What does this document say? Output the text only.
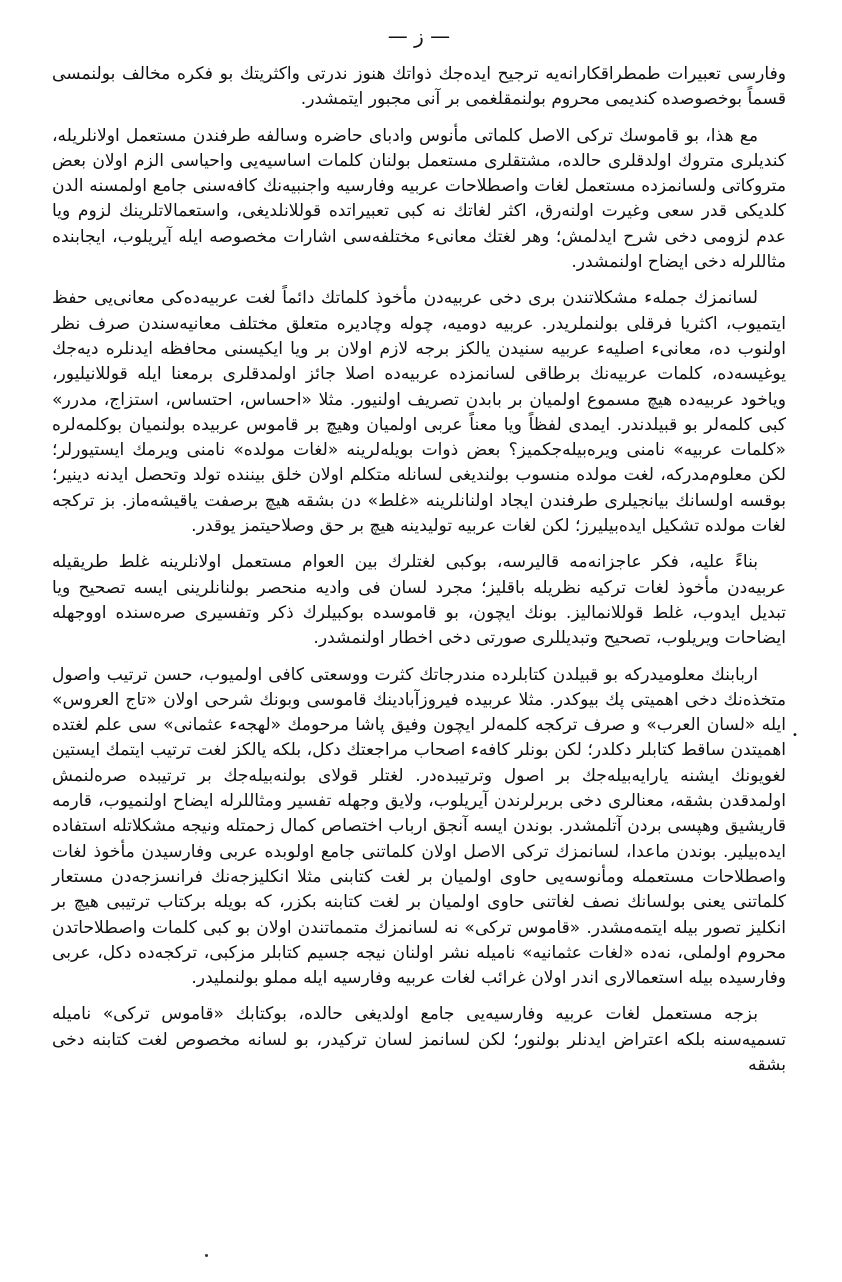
— ز —

وفارسی تعبیرات طمطراقکارانه‌یه ترجیح ایده‌جك ذواتك هنوز ندرتی واکثریتك بو فکره مخالف بولنمسی قسماً بوخصوصده کندیمی محروم بولنمقلغمی بر آنی مجبور ایتمشدر.

مع هذا، بو قاموسك ترکی الاصل کلماتی مأنوس وادبای حاضره وسالفه طرفندن مستعمل اولانلریله، کندیلری متروك اولدقلری حالده، مشتقلری مستعمل بولنان کلمات اساسیه‌یی واحیاسی الزم اولان بعض متروکاتی ولسانمزده مستعمل لغات واصطلاحات عربیه وفارسیه واجنبیه‌نك کافه‌سنی جامع اولمسنه الدن کلدیکی قدر سعی وغیرت اولنه‌رق، اکثر لغاتك نه کبی تعبیراتده قوللانلدیغی، واستعمالاتلرینك لزوم ویا عدم لزومی دخی شرح ایدلمش؛ وهر لغتك معانیء مختلفه‌سی اشارات مخصوصه ایله آیریلوب، ایجابنده مثاللرله دخی ایضاح اولنمشدر.

لسانمزك جمله‌ء مشکلاتندن بری دخی عربیه‌دن مأخوذ کلماتك دائماً لغت عربیه‌ده‌کی معانی‌یی حفظ ایتمیوب، اکثریا فرقلی بولنملریدر. عربیه دومیه، چوله وچادیره متعلق مختلف معانیه‌سندن صرف نظر اولنوب ده، معانیء اصلیهء عربیه سنیدن یالکز برجه لازم اولان بر ویا ایکیسنی محافظه ایدنلره دیه‌جك یوغیسه‌ده، کلمات عربیه‌نك برطاقی لسانمزده عربیه‌ده اصلا جائز اولمدقلری برمعنا ایله قوللانیلیور، ویاخود عربیه‌ده هیچ مسموع اولمیان بر بابدن تصریف اولنیور. مثلا «احساس، احتساس، استزاج، مدرر» کبی کلمه‌لر بو قبیلدندر. ایمدی لفظاً ویا معناً عربی اولمیان وهیچ بر قاموس عربیده بولنمیان بوکلمه‌لره «کلمات عربیه» نامنی ویره‌بیله‌جکمیز؟ بعض ذوات بویله‌لرینه «لغات مولده» نامنی ویرمك ایستیورلر؛ لکن معلوم‌مدرکه، لغت مولده منسوب بولندیغی لسانله متکلم اولان خلق بیننده تولد وتحصل ایدنه دینیر؛ بوقسه اولسانك بیانجیلری طرفندن ایجاد اولنانلرینه «غلط» دن بشقه هیچ برصفت یاقیشه‌ماز. بز ترکجه لغات مولده تشکیل ایده‌بیلیرز؛ لکن لغات عربیه تولیدینه هیچ بر حق وصلاحیتمز یوقدر.

بناءً علیه، فکر عاجزانه‌مه قالیرسه، بوکبی لغتلرك بین العوام مستعمل اولانلرینه غلط طریقیله عربیه‌دن مأخوذ لغات ترکیه نظریله باقلیز؛ مجرد لسان فی وادیه منحصر بولنانلرینی ایسه تصحیح ویا تبدیل ایدوب، غلط قوللانمالیز. بونك ایچون، بو قاموسده بوکبیلرك ذکر وتفسیری صره‌سنده اووجهله ایضاحات ویریلوب، تصحیح وتبدیللری صورتی دخی اخطار اولنمشدر.

اربابنك معلومیدرکه بو قبیلدن کتابلرده مندرجاتك کثرت ووسعتی کافی اولمیوب، حسن ترتیب واصول متخذه‌نك دخی اهمیتی پك بیوکدر. مثلا عربیده فیروزآبادینك قاموسی وبونك شرحی اولان «تاج العروس» ایله «لسان العرب» و صرف ترکجه کلمه‌لر ایچون وفیق پاشا مرحومك «لهجهء عثمانی» سی علم لغتده اهمیتدن ساقط کتابلر دکلدر؛ لکن بونلر کافهء اصحاب مراجعتك دکل، بلکه یالکز لغت ترتیب ایتمك ایستین لغویونك ایشنه یارایه‌بیله‌جك بر اصول وترتیبده‌در. لغتلر قولای بولنه‌بیله‌جك بر ترتیبده صره‌لنمش اولمدقدن بشقه، معنالری دخی بربرلرندن آیریلوب، ولایق وجهله تفسیر ومثاللرله ایضاح اولنمیوب، قارمه قاریشیق وهپسی بردن آتلمشدر. بوندن ایسه آنجق ارباب اختصاص کمال زحمتله ونیجه مشکلاتله استفاده ایده‌بیلیر. بوندن ماعدا، لسانمزك ترکی الاصل اولان کلماتنی جامع اولوبده عربی وفارسیدن مأخوذ لغات واصطلاحات مستعمله ومأنوسه‌یی حاوی اولمیان بر لغت کتابنی مثلا انکلیزجه‌نك فرانسزجه‌دن مستعار کلماتنی یعنی بولسانك نصف لغاتنی حاوی اولمیان بر لغت کتابنه بکزر، که بویله برکتاب ترتیبی هیچ بر انکلیز تصور بیله ایتمه‌مشدر. «قاموس ترکی» نه لسانمزك متمماتندن اولان بو کبی کلمات واصطلاحاتدن محروم اولملی، نه‌ده «لغات عثمانیه» نامیله نشر اولنان نیجه جسیم کتابلر مزکبی، ترکجه‌ده دکل، عربی وفارسیده بیله استعمالاری اندر اولان غرائب لغات عربیه وفارسیه ایله مملو بولنملیدر.

بزجه مستعمل لغات عربیه وفارسیه‌یی جامع اولدیغی حالده، بوکتابك «قاموس ترکی» نامیله تسمیه‌سنه بلکه اعتراض ایدنلر بولنور؛ لکن لسانمز لسان ترکیدر، بو لسانه مخصوص لغت کتابنه دخی بشقه

•
